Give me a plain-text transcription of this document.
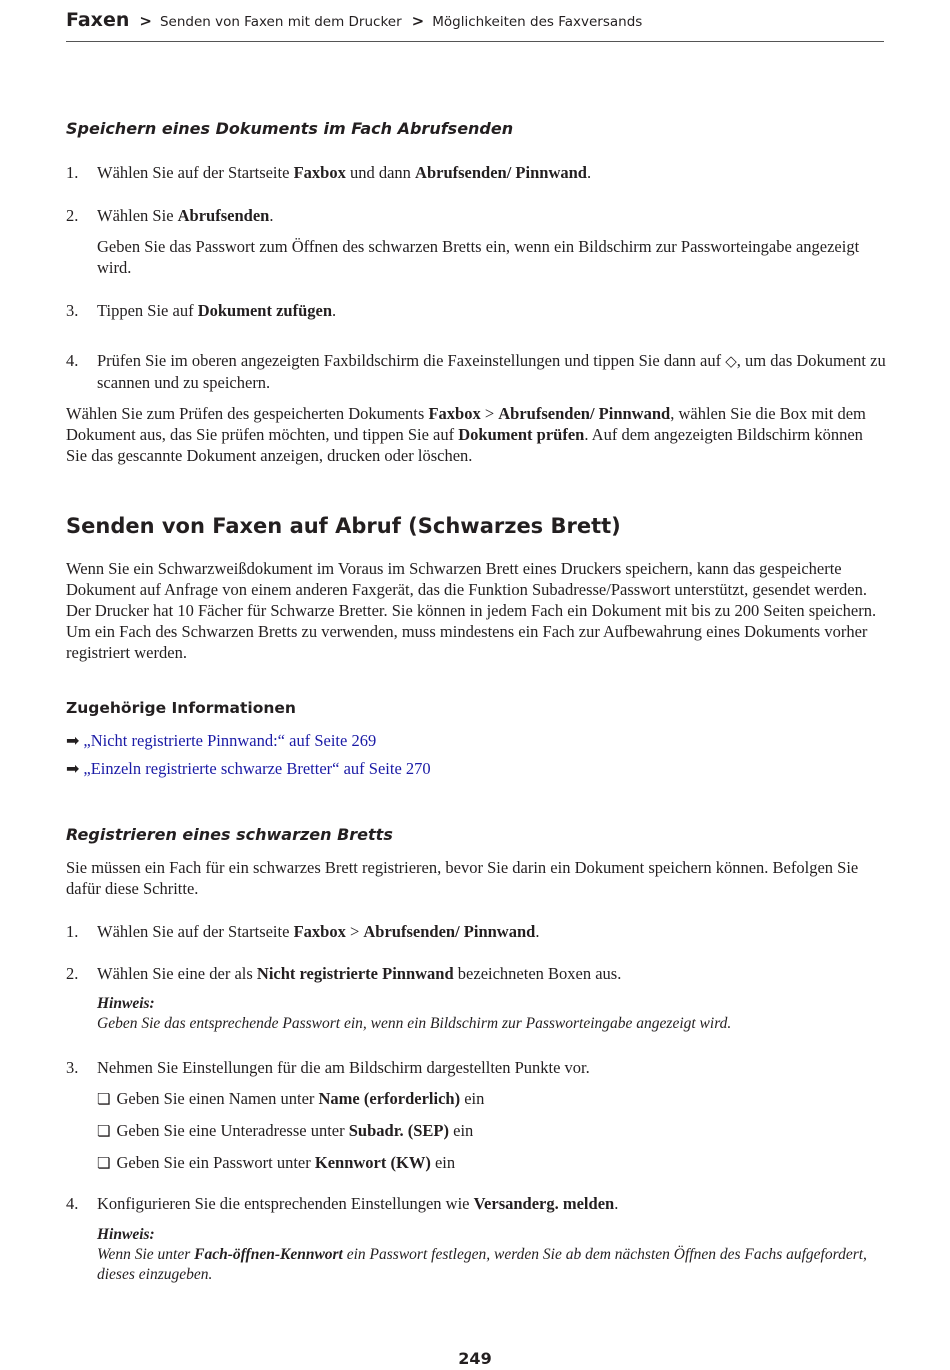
Faxen > Senden von Faxen mit dem Drucker > Möglichkeiten des Faxversands
Speichern eines Dokuments im Fach Abrufsenden
1. Wählen Sie auf der Startseite Faxbox und dann Abrufsenden/ Pinnwand.
2. Wählen Sie Abrufsenden.
Geben Sie das Passwort zum Öffnen des schwarzen Bretts ein, wenn ein Bildschirm zur Passworteingabe angezeigt wird.
3. Tippen Sie auf Dokument zufügen.
4. Prüfen Sie im oberen angezeigten Faxbildschirm die Faxeinstellungen und tippen Sie dann auf ◇, um das Dokument zu scannen und zu speichern.
Wählen Sie zum Prüfen des gespeicherten Dokuments Faxbox > Abrufsenden/ Pinnwand, wählen Sie die Box mit dem Dokument aus, das Sie prüfen möchten, und tippen Sie auf Dokument prüfen. Auf dem angezeigten Bildschirm können Sie das gescannte Dokument anzeigen, drucken oder löschen.
Senden von Faxen auf Abruf (Schwarzes Brett)
Wenn Sie ein Schwarzweißdokument im Voraus im Schwarzen Brett eines Druckers speichern, kann das gespeicherte Dokument auf Anfrage von einem anderen Faxgerät, das die Funktion Subadresse/Passwort unterstützt, gesendet werden. Der Drucker hat 10 Fächer für Schwarze Bretter. Sie können in jedem Fach ein Dokument mit bis zu 200 Seiten speichern. Um ein Fach des Schwarzen Bretts zu verwenden, muss mindestens ein Fach zur Aufbewahrung eines Dokuments vorher registriert werden.
Zugehörige Informationen
➡ „Nicht registrierte Pinnwand:“ auf Seite 269
➡ „Einzeln registrierte schwarze Bretter“ auf Seite 270
Registrieren eines schwarzen Bretts
Sie müssen ein Fach für ein schwarzes Brett registrieren, bevor Sie darin ein Dokument speichern können. Befolgen Sie dafür diese Schritte.
1. Wählen Sie auf der Startseite Faxbox > Abrufsenden/ Pinnwand.
2. Wählen Sie eine der als Nicht registrierte Pinnwand bezeichneten Boxen aus.
Hinweis:
Geben Sie das entsprechende Passwort ein, wenn ein Bildschirm zur Passworteingabe angezeigt wird.
3. Nehmen Sie Einstellungen für die am Bildschirm dargestellten Punkte vor.
❏ Geben Sie einen Namen unter Name (erforderlich) ein
❏ Geben Sie eine Unteradresse unter Subadr. (SEP) ein
❏ Geben Sie ein Passwort unter Kennwort (KW) ein
4. Konfigurieren Sie die entsprechenden Einstellungen wie Versanderg. melden.
Hinweis:
Wenn Sie unter Fach-öffnen-Kennwort ein Passwort festlegen, werden Sie ab dem nächsten Öffnen des Fachs aufgefordert, dieses einzugeben.
249
